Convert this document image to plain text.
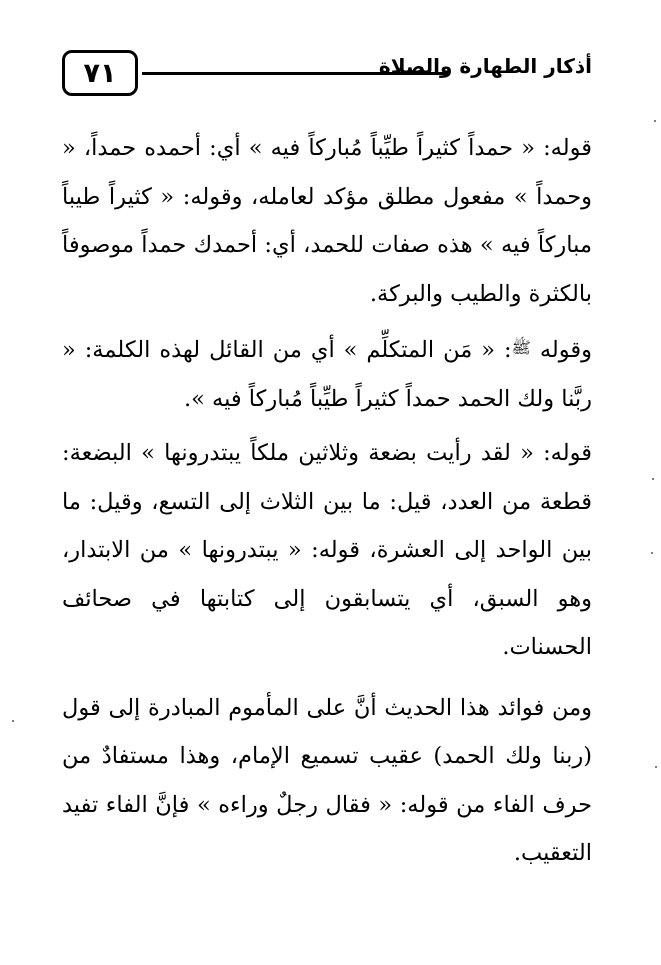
٧١	أذكار الطهارة والصلاة

قوله: « حمداً كثيراً طيِّباً مُباركاً فيه » أي: أحمده حمداً، « وحمداً » مفعول مطلق مؤكد لعامله، وقوله: « كثيراً طيباً مباركاً فيه » هذه صفات للحمد، أي: أحمدك حمداً موصوفاً بالكثرة والطيب والبركة.

وقوله ﷺ: « مَن المتكلِّم » أي من القائل لهذه الكلمة: « ربَّنا ولك الحمد حمداً كثيراً طيِّباً مُباركاً فيه ».

قوله: « لقد رأيت بضعة وثلاثين ملكاً يبتدرونها » البضعة: قطعة من العدد، قيل: ما بين الثلاث إلى التسع، وقيل: ما بين الواحد إلى العشرة، قوله: « يبتدرونها » من الابتدار، وهو السبق، أي يتسابقون إلى كتابتها في صحائف الحسنات.

ومن فوائد هذا الحديث أنَّ على المأموم المبادرة إلى قول (ربنا ولك الحمد) عقيب تسميع الإمام، وهذا مستفادٌ من حرف الفاء من قوله: « فقال رجلٌ وراءه » فإنَّ الفاء تفيد التعقيب.
